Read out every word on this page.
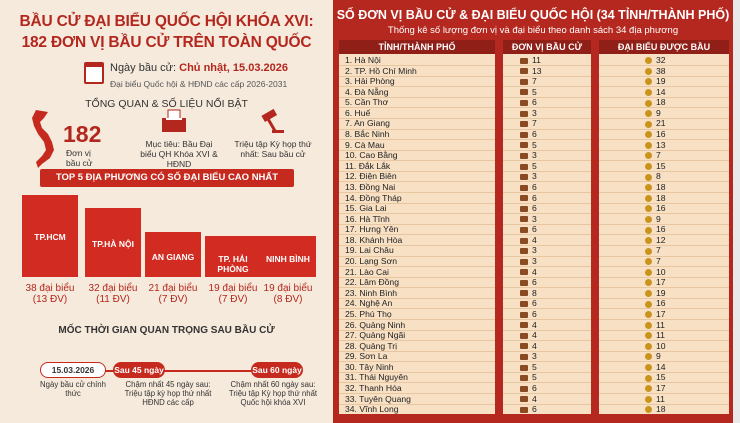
BẦU CỬ ĐẠI BIỂU QUỐC HỘI KHÓA XVI:
182 ĐƠN VỊ BẦU CỬ TRÊN TOÀN QUỐC
Ngày bầu cử: Chủ nhật, 15.03.2026
Đại biểu Quốc hội & HĐND các cấp 2026-2031
TỔNG QUAN & SỐ LIỆU NỔI BẬT
182
Đơn vị bầu cử
Mục tiêu: Bầu Đại biểu QH Khóa XVI & HĐND
Triệu tập Kỳ họp thứ nhất: Sau bầu cử
TOP 5 ĐỊA PHƯƠNG CÓ SỐ ĐẠI BIỂU CAO NHẤT
TP.HCM
38 đại biểu
(13 ĐV)
TP.HÀ NỘI
32 đại biểu
(11 ĐV)
AN GIANG
21 đại biểu
(7 ĐV)
TP. HẢI PHÒNG
19 đại biểu
(7 ĐV)
NINH BÌNH
19 đại biểu
(8 ĐV)
MỐC THỜI GIAN QUAN TRỌNG SAU BẦU CỬ
15.03.2026
Ngày bầu cử chính thức
Sau 45 ngày
Chậm nhất 45 ngày sau: Triệu tập kỳ họp thứ nhất HĐND các cấp
Sau 60 ngày
Chậm nhất 60 ngày sau: Triệu tập Kỳ họp thứ nhất Quốc hội khóa XVI
SỐ ĐƠN VỊ BẦU CỬ & ĐẠI BIỂU QUỐC HỘI (34 TỈNH/THÀNH PHỐ)
Thống kê số lượng đơn vị và đại biểu theo danh sách 34 địa phương
TỈNH/THÀNH PHỐ	ĐƠN VỊ BẦU CỬ	ĐẠI BIỂU ĐƯỢC BẦU
1. Hà Nội	11	32
2. TP. Hồ Chí Minh	13	38
3. Hải Phòng	7	19
4. Đà Nẵng	5	14
5. Cần Thơ	6	18
6. Huế	3	9
7. An Giang	7	21
8. Bắc Ninh	6	16
9. Cà Mau	5	13
10. Cao Bằng	3	7
11. Đắk Lắk	5	15
12. Điện Biên	3	8
13. Đồng Nai	6	18
14. Đồng Tháp	6	18
15. Gia Lai	6	16
16. Hà Tĩnh	3	9
17. Hưng Yên	6	16
18. Khánh Hòa	4	12
19. Lai Châu	3	7
20. Lạng Sơn	3	7
21. Lào Cai	4	10
22. Lâm Đồng	6	17
23. Ninh Bình	8	19
24. Nghệ An	6	16
25. Phú Thọ	6	17
26. Quảng Ninh	4	11
27. Quảng Ngãi	4	11
28. Quảng Trị	4	10
29. Sơn La	3	9
30. Tây Ninh	5	14
31. Thái Nguyên	5	15
32. Thanh Hóa	6	17
33. Tuyên Quang	4	11
34. Vĩnh Long	6	18
